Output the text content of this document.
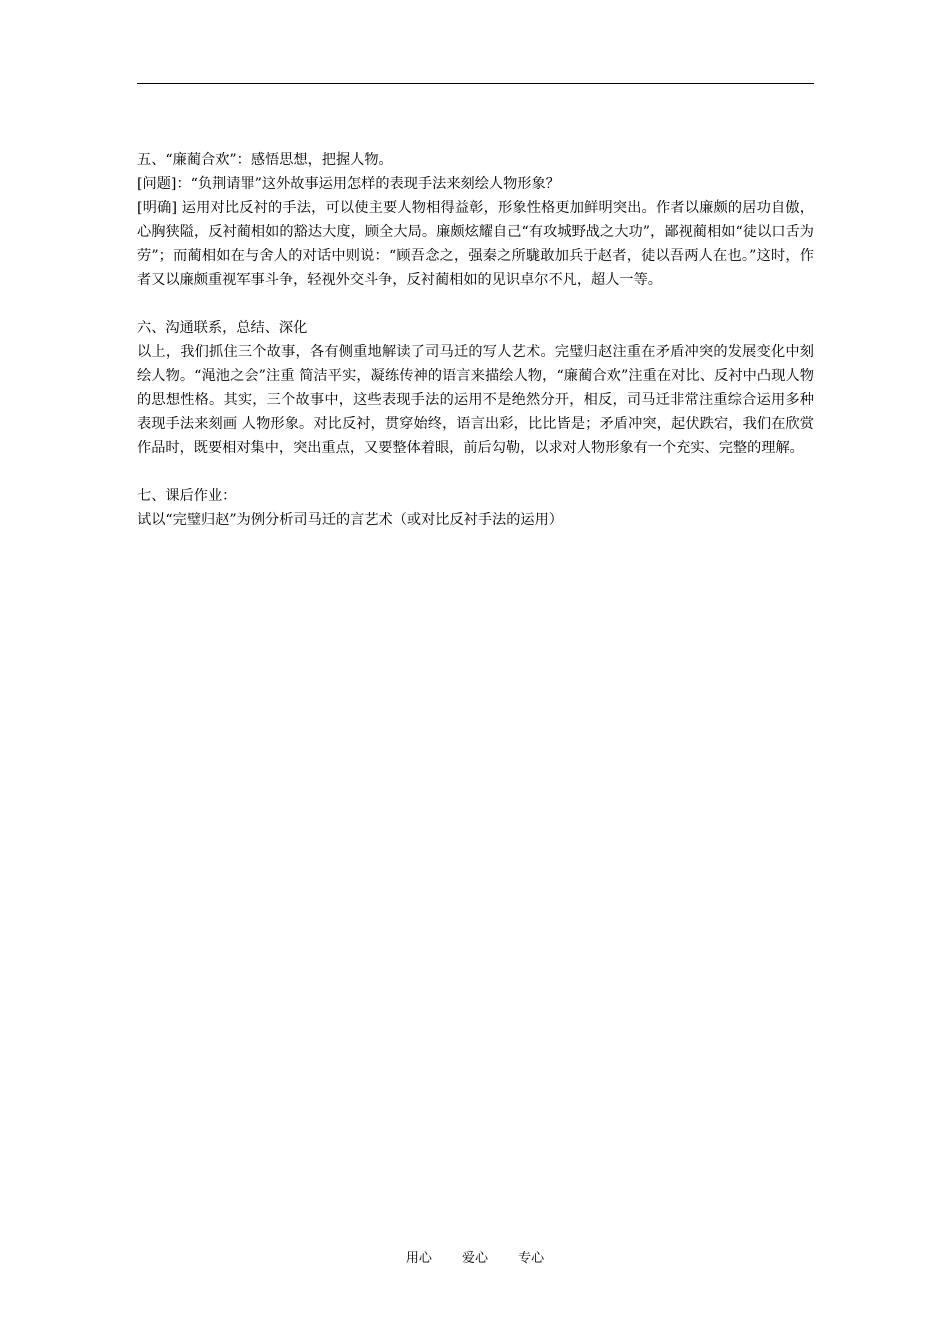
五、“廉蔺合欢”：感悟思想，把握人物。

[问题]：“负荆请罪”这外故事运用怎样的表现手法来刻绘人物形象？

[明确] 运用对比反衬的手法，可以使主要人物相得益彰，形象性格更加鲜明突出。作者以廉颇的居功自傲，心胸狭隘，反衬蔺相如的豁达大度，顾全大局。廉颇炫耀自己“有攻城野战之大功”，鄙视蔺相如“徒以口舌为劳”；而蔺相如在与舍人的对话中则说：“顾吾念之，强秦之所駹敢加兵于赵者，徒以吾两人在也。”这时，作者又以廉颇重视军事斗争，轻视外交斗争，反衬蔺相如的见识卓尔不凡，超人一等。

六、沟通联系，总结、深化

以上，我们抓住三个故事，各有侧重地解读了司马迁的写人艺术。完璧归赵注重在矛盾冲突的发展变化中刻绘人物。“渑池之会”注重 简洁平实，凝练传神的语言来描绘人物，“廉蔺合欢”注重在对比、反衬中凸现人物的思想性格。其实，三个故事中，这些表现手法的运用不是绝然分开，相反，司马迁非常注重综合运用多种表现手法来刻画 人物形象。对比反衬，贯穿始终，语言出彩，比比皆是；矛盾冲突，起伏跌宕，我们在欣赏作品时，既要相对集中，突出重点，又要整体着眼，前后勾勒，以求对人物形象有一个充实、完整的理解。

七、课后作业：

试以“完璧归赵”为例分析司马迁的言艺术（或对比反衬手法的运用）

用心 爱心 专心
